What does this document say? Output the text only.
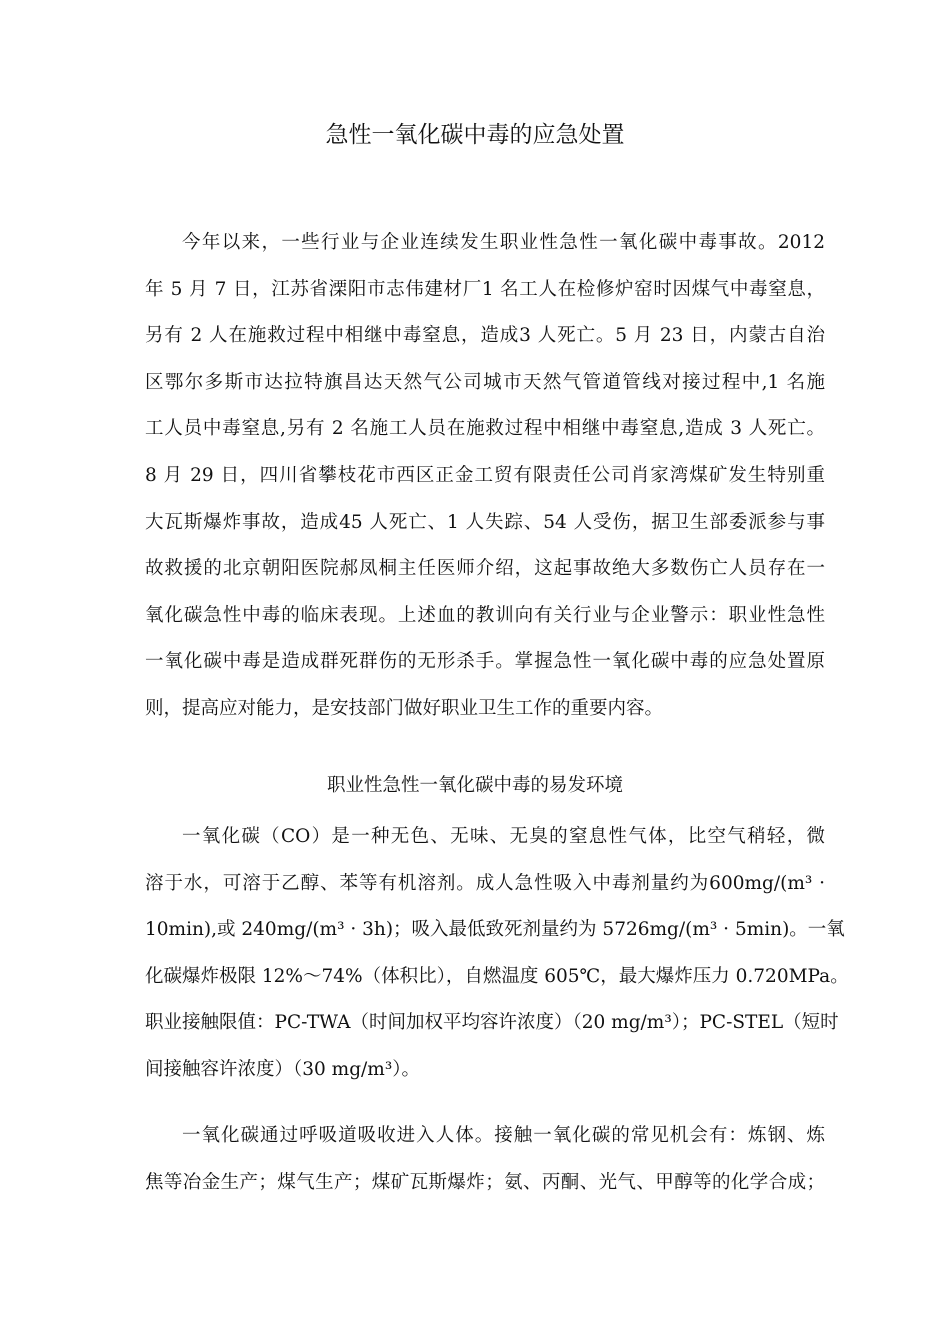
急性一氧化碳中毒的应急处置

今年以来，一些行业与企业连续发生职业性急性一氧化碳中毒事故。2012
年 5 月 7 日，江苏省溧阳市志伟建材厂1 名工人在检修炉窑时因煤气中毒窒息，
另有 2 人在施救过程中相继中毒窒息，造成3 人死亡。5 月 23 日，内蒙古自治
区鄂尔多斯市达拉特旗昌达天然气公司城市天然气管道管线对接过程中,1 名施
工人员中毒窒息,另有 2 名施工人员在施救过程中相继中毒窒息,造成 3 人死亡。
8 月 29 日，四川省攀枝花市西区正金工贸有限责任公司肖家湾煤矿发生特别重
大瓦斯爆炸事故，造成45 人死亡、1 人失踪、54 人受伤，据卫生部委派参与事
故救援的北京朝阳医院郝凤桐主任医师介绍，这起事故绝大多数伤亡人员存在一
氧化碳急性中毒的临床表现。上述血的教训向有关行业与企业警示：职业性急性
一氧化碳中毒是造成群死群伤的无形杀手。掌握急性一氧化碳中毒的应急处置原
则，提高应对能力，是安技部门做好职业卫生工作的重要内容。

职业性急性一氧化碳中毒的易发环境

一氧化碳（CO）是一种无色、无味、无臭的窒息性气体，比空气稍轻，微
溶于水，可溶于乙醇、苯等有机溶剂。成人急性吸入中毒剂量约为600mg/(m³ ·
10min),或 240mg/(m³ · 3h)；吸入最低致死剂量约为 5726mg/(m³ · 5min)。一氧
化碳爆炸极限 12%～74%（体积比），自燃温度 605℃，最大爆炸压力 0.720MPa。
职业接触限值：PC-TWA（时间加权平均容许浓度）（20 mg/m³）；PC-STEL（短时
间接触容许浓度）（30 mg/m³）。

一氧化碳通过呼吸道吸收进入人体。接触一氧化碳的常见机会有：炼钢、炼
焦等冶金生产；煤气生产；煤矿瓦斯爆炸；氨、丙酮、光气、甲醇等的化学合成；
